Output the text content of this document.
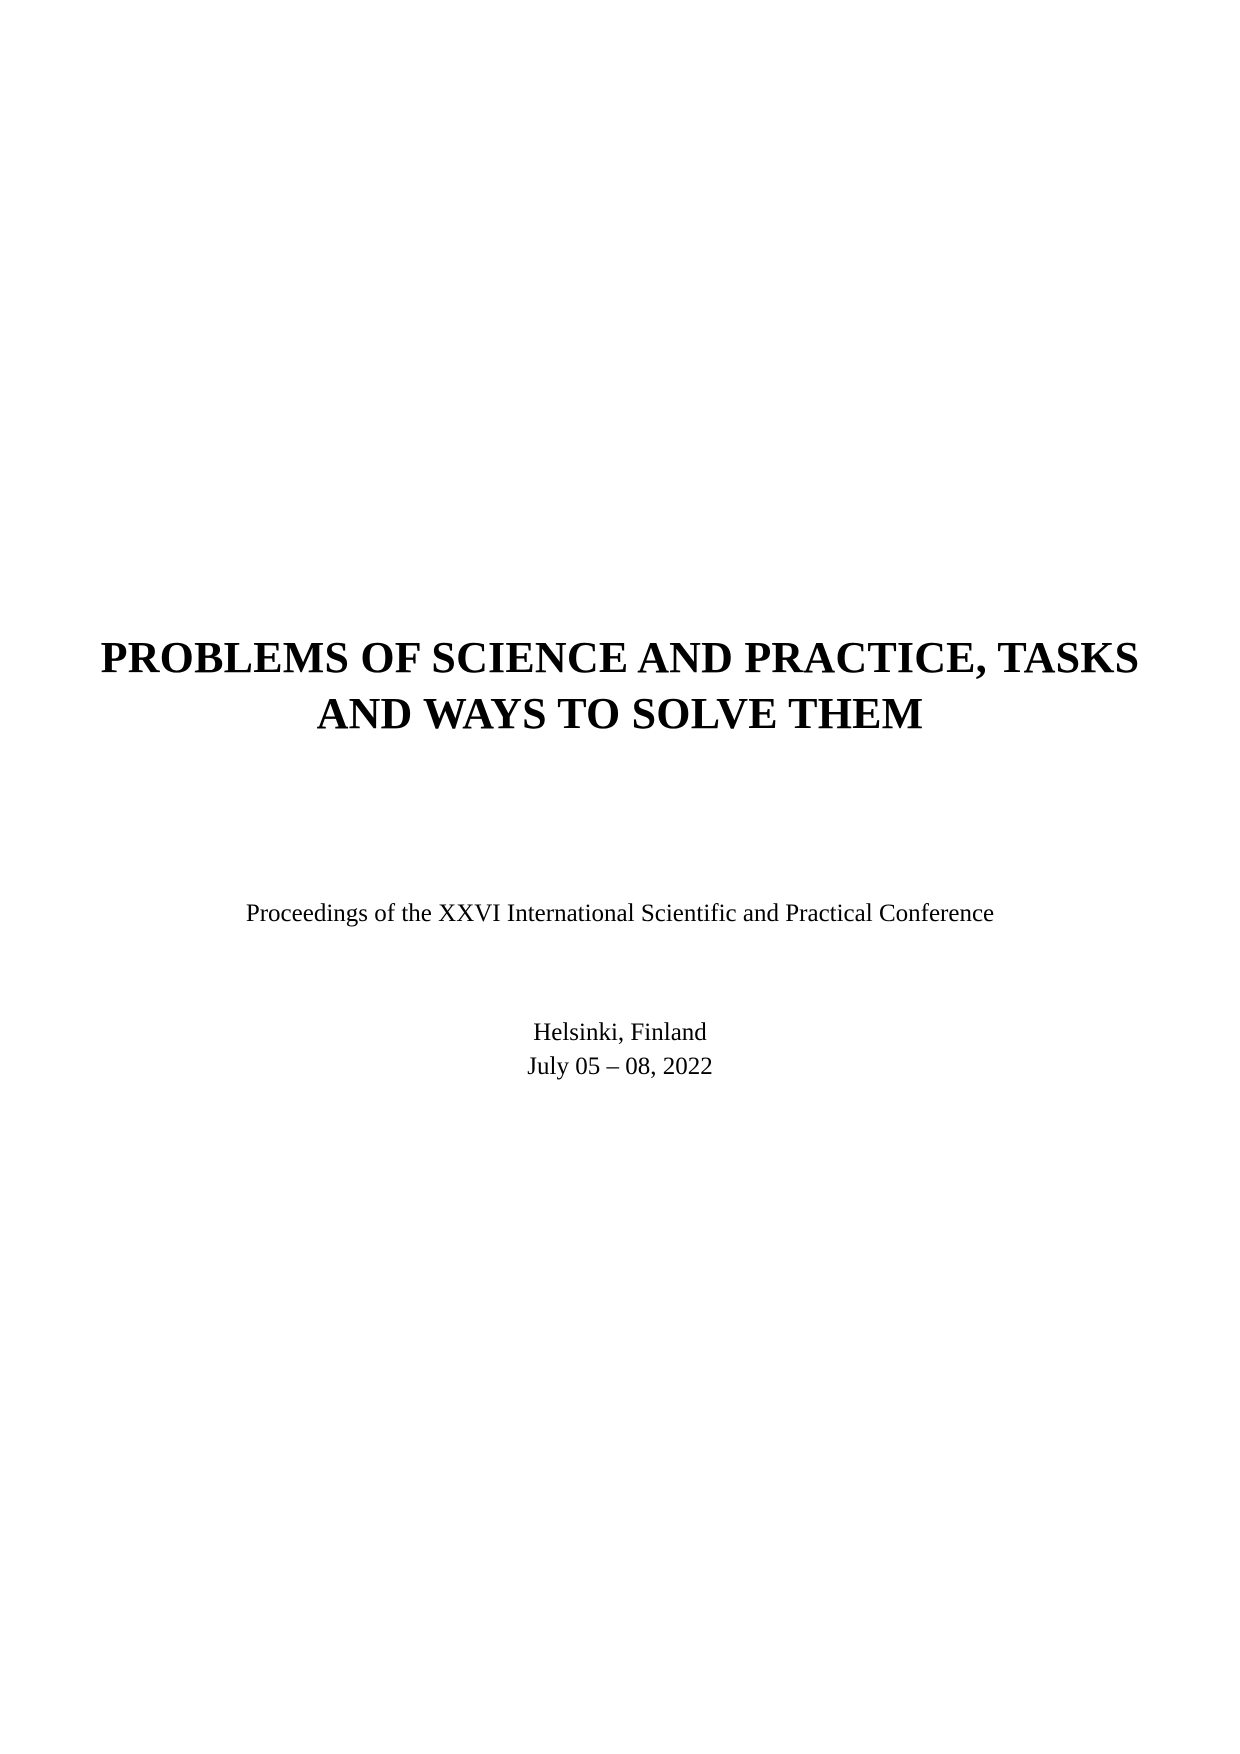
PROBLEMS OF SCIENCE AND PRACTICE, TASKS AND WAYS TO SOLVE THEM

Proceedings of the XXVI International Scientific and Practical Conference

Helsinki, Finland

July 05 – 08, 2022
